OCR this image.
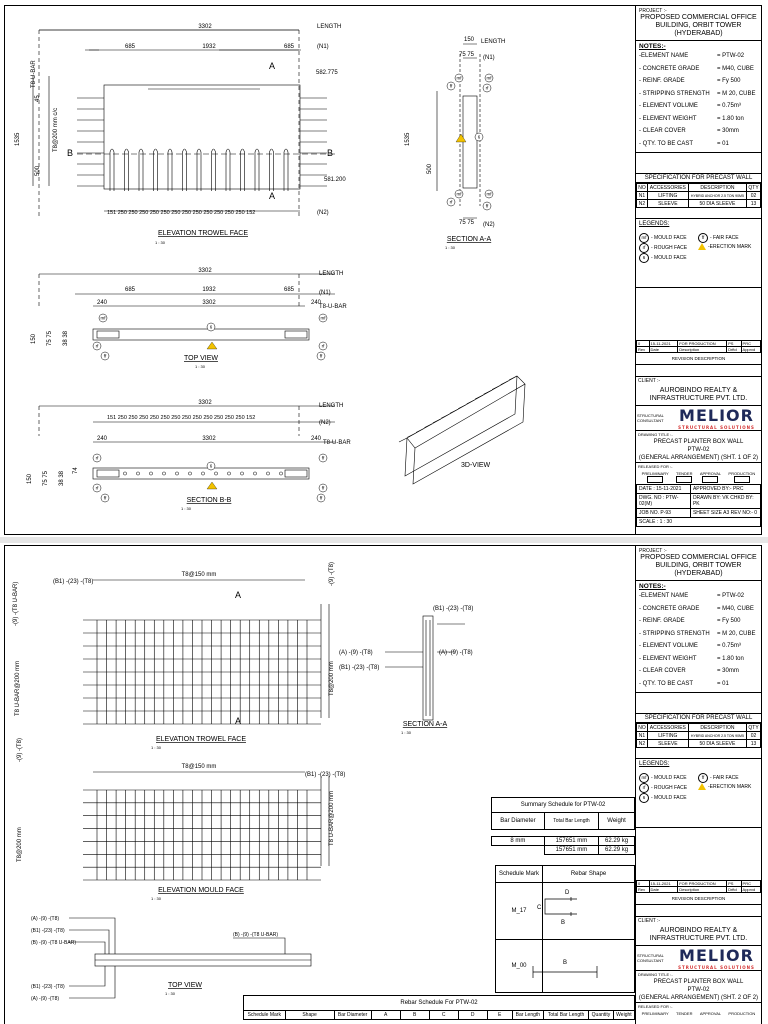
3302	LENGTH
685	1932	685	(N1)
A
A
B	B
582.775
581.200
151 250 250 250 250 250 250 250 250 250 250 250 250 152	(N2)
1535
500
45
T8@200 mm c/c
T8-U-BAR
ELEVATION TROWEL FACE
1 : 30
150 LENGTH
75 75 (N1)
75 75 (N2)
1535
500
SECTION A-A
1 : 30
3302	LENGTH
685	1932	685	(N1)
240	3302	240
T8-U-BAR
150 75 75 38 38
TOP VIEW
1 : 30
3302	LENGTH
151 250 250 250 250 250 250 250 250 250 250 250 250 152
(N2)
240	3302	240
T8-U-BAR
150 75 75 38 38
74
SECTION B-B
1 : 30
3D-VIEW
mf	mf
ff	rf
mf	mf
rf
ff
6
mf	mf
6
rf	rf
ff	ff
rf	ff
6
rf	ff
ff	ff
PROJECT :-
PROPOSED COMMERCIAL OFFICE BUILDING, ORBIT TOWER (HYDERABAD)
NOTES:-
-ELEMENT NAME	= PTW-02
- CONCRETE GRADE	= M40, CUBE
- REINF. GRADE	= Fy 500
- STRIPPING STRENGTH	= M 20, CUBE
- ELEMENT VOLUME	= 0.75m³
- ELEMENT WEIGHT	= 1.80 ton
- CLEAR COVER	= 30mm
- QTY. TO BE CAST	= 01
SPECIFICATION FOR PRECAST WALL
NO	ACCESSORIES	DESCRIPTION	QTY
N1	LIFTING	HYBRID ANCHOR 2.5 TON 90M5	02
N2	SLEEVE	50 DIA SLEEVE	13
LEGENDS:
mf - MOULD FACE
rf	- ROUGH FACE
6	- MOULD FACE
ff	- FAIR FACE
-ERECTION MARK
0	15-11-2021	FOR PRODUCTION	PS	PRC
Rev	Date	Description	Drftd	Apprvd
REVISION DESCRIPTION
CLIENT :-
AUROBINDO REALTY & INFRASTRUCTURE PVT. LTD.
STRUCTURAL CONSULTANT MELIOR
STRUCTURAL SOLUTIONS
DRAWING TITLE :-
PRECAST PLANTER BOX WALL
PTW-02
(GENERAL ARRANGEMENT) (SHT. 1 OF 2)
RELEASED FOR :-
PRELIMINARY TENDER APPROVAL PRODUCTION
DATE : 15-11-2021	APPROVED BY:- PRC
DWG. NO : PTW-02(M)	DRAWN BY: VK CHKD BY: PK
JOB NO. P-93	SHEET SIZE A3 REV NO:- 0
SCALE : 1 : 30	
T8@150 mm
(B1) -(23) -(T8)
-(9) -(T8 U-BAR)
T8 U-BAR@200 mm	T8@200 mm
-(9) -(T8)
A
A
ELEVATION TROWEL FACE
1 : 30
T8@150 mm
(B1) -(23) -(T8)
T8@200 mm
-(9) -(T8)
T8 U-BAR@200 mm
ELEVATION MOULD FACE
1 : 30
(B1) -(23) -(T8)
(A) -(9) -(T8)
(B1) -(23) -(T8)
(A) -(9) -(T8)
SECTION A-A
1 : 30
(A) -(9) -(T8)
(B1) -(23) -(T8)
(B) -(9) -(T8 U-BAR)
(B) -(9) -(T8 U-BAR)
(B1) -(23) -(T8)
(A) -(9) -(T8)
TOP VIEW
1 : 30
D
C
B
B
Summary Schedule for PTW-02		
Bar Diameter	Total Bar Length	Weight

8 mm	157651 mm	62.29 kg
	157651 mm	62.29 kg
Schedule Mark	Rebar Shape
M_17	
M_00	
Rebar Schedule For PTW-02
Schedule Mark	Shape	Bar Diameter	A	B	C	D	E	Bar Length	Total Bar Length	Quantity	Weight
PROJECT :-
PROPOSED COMMERCIAL OFFICE BUILDING, ORBIT TOWER (HYDERABAD)
NOTES:-
-ELEMENT NAME	= PTW-02
- CONCRETE GRADE	= M40, CUBE
- REINF. GRADE	= Fy 500
- STRIPPING STRENGTH	= M 20, CUBE
- ELEMENT VOLUME	= 0.75m³
- ELEMENT WEIGHT	= 1.80 ton
- CLEAR COVER	= 30mm
- QTY. TO BE CAST	= 01
SPECIFICATION FOR PRECAST WALL
NO	ACCESSORIES	DESCRIPTION	QTY
N1	LIFTING	HYBRID ANCHOR 2.5 TON 90M5	02
N2	SLEEVE	50 DIA SLEEVE	13
LEGENDS:
mf - MOULD FACE
rf	- ROUGH FACE
6	- MOULD FACE
ff	- FAIR FACE
-ERECTION MARK
0	15-11-2021	FOR PRODUCTION	PS	PRC
Rev	Date	Description	Drftd	Apprvd
REVISION DESCRIPTION
CLIENT :-
AUROBINDO REALTY & INFRASTRUCTURE PVT. LTD.
STRUCTURAL CONSULTANT MELIOR
STRUCTURAL SOLUTIONS
DRAWING TITLE :-
PRECAST PLANTER BOX WALL
PTW-02
(GENERAL ARRANGEMENT) (SHT. 2 OF 2)
RELEASED FOR :-
PRELIMINARY TENDER APPROVAL PRODUCTION
